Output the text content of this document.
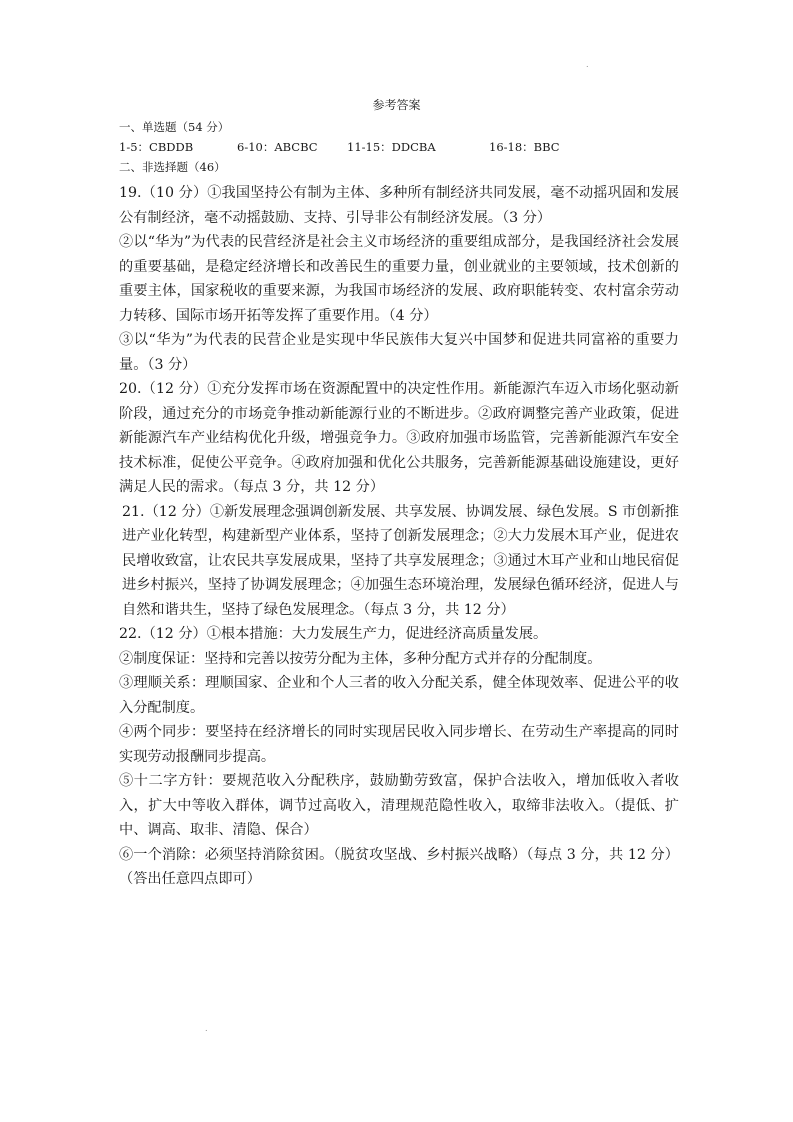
参考答案
一、单选题（54 分）
1-5：CBDDB	6-10：ABCBC	11-15：DDCBA	16-18：BBC
二、非选择题（46）

19.（10 分）①我国坚持公有制为主体、多种所有制经济共同发展，毫不动摇巩固和发展公有制经济，毫不动摇鼓励、支持、引导非公有制经济发展。（3 分）

②以“华为”为代表的民营经济是社会主义市场经济的重要组成部分，是我国经济社会发展的重要基础，是稳定经济增长和改善民生的重要力量，创业就业的主要领域，技术创新的重要主体，国家税收的重要来源，为我国市场经济的发展、政府职能转变、农村富余劳动力转移、国际市场开拓等发挥了重要作用。（4 分）

③以“华为”为代表的民营企业是实现中华民族伟大复兴中国梦和促进共同富裕的重要力量。（3 分）

20.（12 分）①充分发挥市场在资源配置中的决定性作用。新能源汽车迈入市场化驱动新阶段，通过充分的市场竞争推动新能源行业的不断进步。②政府调整完善产业政策，促进新能源汽车产业结构优化升级，增强竞争力。③政府加强市场监管，完善新能源汽车安全技术标准，促使公平竞争。④政府加强和优化公共服务，完善新能源基础设施建设，更好满足人民的需求。（每点 3 分，共 12 分）

21.（12 分）①新发展理念强调创新发展、共享发展、协调发展、绿色发展。S 市创新推进产业化转型，构建新型产业体系，坚持了创新发展理念；②大力发展木耳产业，促进农民增收致富，让农民共享发展成果，坚持了共享发展理念；③通过木耳产业和山地民宿促进乡村振兴，坚持了协调发展理念；④加强生态环境治理，发展绿色循环经济，促进人与自然和谐共生，坚持了绿色发展理念。（每点 3 分，共 12 分）

22.（12 分）①根本措施：大力发展生产力，促进经济高质量发展。

②制度保证：坚持和完善以按劳分配为主体，多种分配方式并存的分配制度。

③理顺关系：理顺国家、企业和个人三者的收入分配关系，健全体现效率、促进公平的收入分配制度。

④两个同步：要坚持在经济增长的同时实现居民收入同步增长、在劳动生产率提高的同时实现劳动报酬同步提高。

⑤十二字方针：要规范收入分配秩序，鼓励勤劳致富，保护合法收入，增加低收入者收入，扩大中等收入群体，调节过高收入，清理规范隐性收入，取缔非法收入。（提低、扩中、调高、取非、清隐、保合）

⑥一个消除：必须坚持消除贫困。（脱贫攻坚战、乡村振兴战略）（每点 3 分，共 12 分）（答出任意四点即可）

.
.
